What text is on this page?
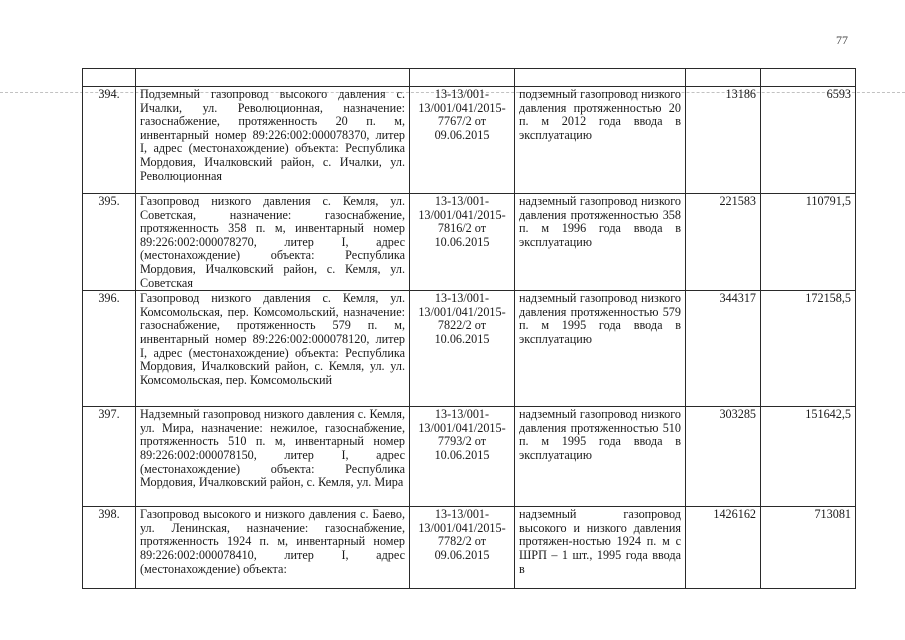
77

394.	Подземный газопровод высокого давления с. Ичалки, ул. Революционная, назначение: газоснабжение, протяженность 20 п. м, инвентарный номер 89:226:002:000078370, литер I, адрес (местонахождение) объекта: Республика Мордовия, Ичалковский район, с. Ичалки, ул. Революционная	13-13/001-13/001/041/2015-7767/2 от 09.06.2015	подземный газопровод низкого давления протяженностью 20 п. м 2012 года ввода в эксплуатацию	13186	6593
395.	Газопровод низкого давления с. Кемля, ул. Советская, назначение: газоснабжение, протяженность 358 п. м, инвентарный номер 89:226:002:000078270, литер I, адрес (местонахождение) объекта: Республика Мордовия, Ичалковский район, с. Кемля, ул. Советская	13-13/001-13/001/041/2015-7816/2 от 10.06.2015	надземный газопровод низкого давления протяженностью 358 п. м 1996 года ввода в эксплуатацию	221583	110791,5
396.	Газопровод низкого давления с. Кемля, ул. Комсомольская, пер. Комсомольский, назначение: газоснабжение, протяженность 579 п. м, инвентарный номер 89:226:002:000078120, литер I, адрес (местонахождение) объекта: Республика Мордовия, Ичалковский район, с. Кемля, ул. ул. Комсомольская, пер. Комсомольский	13-13/001-13/001/041/2015-7822/2 от 10.06.2015	надземный газопровод низкого давления протяженностью 579 п. м 1995 года ввода в эксплуатацию	344317	172158,5
397.	Надземный газопровод низкого давления с. Кемля, ул. Мира, назначение: нежилое, газоснабжение, протяженность 510 п. м, инвентарный номер 89:226:002:000078150, литер I, адрес (местонахождение) объекта: Республика Мордовия, Ичалковский район, с. Кемля, ул. Мира	13-13/001-13/001/041/2015-7793/2 от 10.06.2015	надземный газопровод низкого давления протяженностью 510 п. м 1995 года ввода в эксплуатацию	303285	151642,5
398.	Газопровод высокого и низкого давления с. Баево, ул. Ленинская, назначение: газоснабжение, протяженность 1924 п. м, инвентарный номер 89:226:002:000078410, литер I, адрес (местонахождение) объекта:	13-13/001-13/001/041/2015-7782/2 от 09.06.2015	надземный газопровод высокого и низкого давления протяжен-ностью 1924 п. м с ШРП – 1 шт., 1995 года ввода в	1426162	713081
